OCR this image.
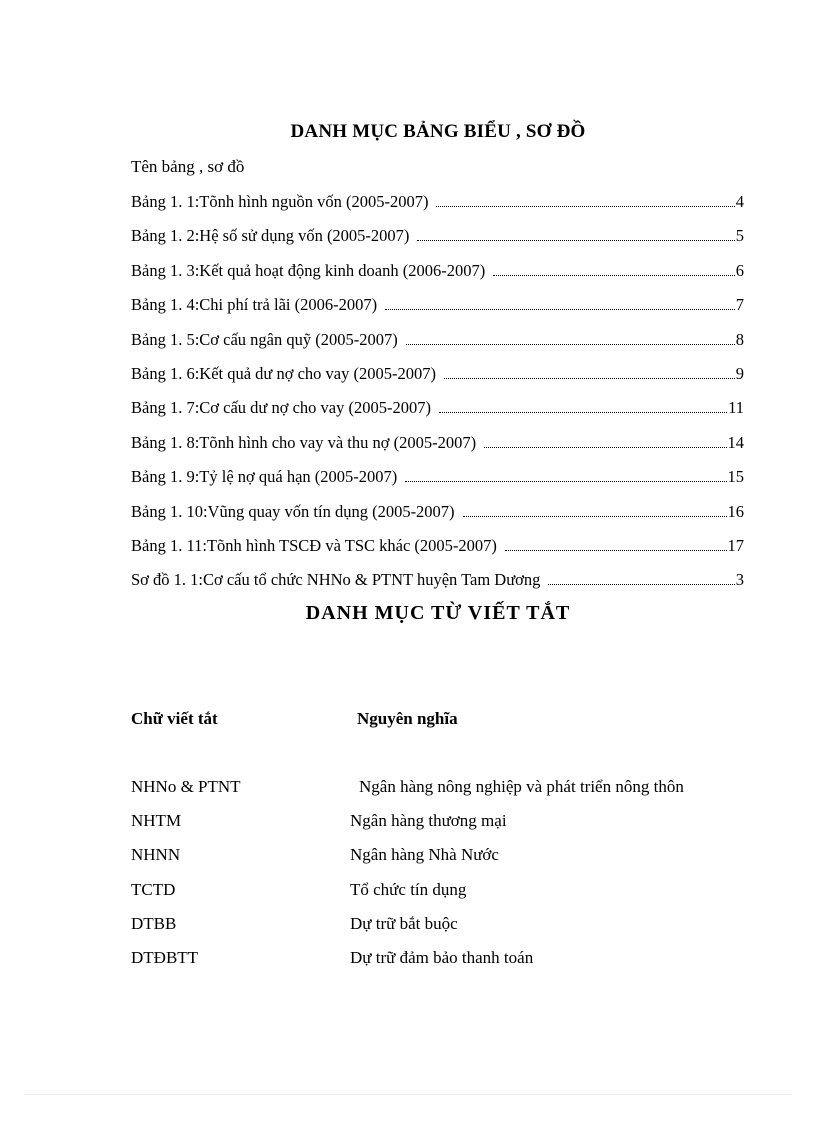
DANH MỤC BẢNG BIỂU , SƠ ĐỒ
Tên bảng , sơ đồ
Bảng 1. 1:Tõnh hình nguồn vốn (2005-2007)	4
Bảng 1. 2:Hệ số sử dụng vốn (2005-2007)	5
Bảng 1. 3:Kết quả hoạt động kinh doanh (2006-2007)	6
Bảng 1. 4:Chi phí trả lãi (2006-2007)	7
Bảng 1. 5:Cơ cấu ngân quỹ (2005-2007)	8
Bảng 1. 6:Kết quả dư nợ cho vay (2005-2007)	9
Bảng 1. 7:Cơ cấu dư nợ cho vay (2005-2007)	11
Bảng 1. 8:Tõnh hình cho vay và thu nợ (2005-2007)	14
Bảng 1. 9:Tỷ lệ nợ quá hạn (2005-2007)	15
Bảng 1. 10:Vũng quay vốn tín dụng (2005-2007)	16
Bảng 1. 11:Tõnh hình TSCĐ và TSC khác (2005-2007)	17
Sơ đồ 1. 1:Cơ cấu tổ chức NHNo & PTNT huyện Tam Dương	3
DANH MỤC TỪ VIẾT TẮT
Chữ viết tắt	Nguyên nghĩa
NHNo & PTNT	Ngân hàng nông nghiệp và phát triển nông thôn
NHTM	Ngân hàng thương mại
NHNN	Ngân hàng Nhà Nước
TCTD	Tổ chức tín dụng
DTBB	Dự trữ bắt buộc
DTĐBTT	Dự trữ đảm bảo thanh toán
